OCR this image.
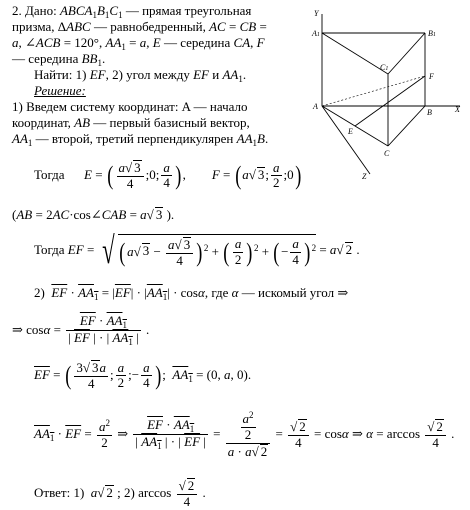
2. Дано: $ABCA_1B_1C_1$ — прямая треугольная
призма, ΔABC — равнобедренный, AC = CB =
a, ∠ACB = 120°, $AA_1 = a$, E — середина CA, F
— середина $BB_1$.
Найти: 1) EF, 2) угол между EF и $AA_1$.
Решение:
1) Введем систему координат: A — начало
координат, AB — первый базисный вектор,
$AA_1$ — второй, третий перпендикулярен $AA_1B$.
Y
A1	B1
C1
F
A
B	X
E
C
Z
Тогда E = ( $\frac{a√ 3}{4}$ ;0; $\frac{a}{4}$ ),        F = (a√ 3; $\frac{a}{2}$ ;0)
(AB = 2AC·cos∠CAB = a√ 3 ).
Тогда EF = √ (a√ $3 - \frac{a√ 3}{4} )^2$ + ( $\frac{a}{2} )^2$ + (− $\frac{a}{4} )^2 = a√$ 2 .
2)  $\overline{EF} \cdot AA_1 = |\overline{EF}| \cdot |AA_1| \cdot \cos\alpha$, где α — искомый угол ⇒
⇒ $\cos\alpha = \frac{\overline{EF} \cdot AA_1}{| \overline{EF} | \cdot | AA_1 |}$ .
$\overline{EF}$ = ( $\frac{3√ 3a}{4}$ ; $\frac{a}{2}$ ;− $\frac{a}{4}$ );  $AA_1 = (0$, a, 0).
$AA_1 \cdot \overline{EF} = \frac{a^2}{2}$ ⇒ $\frac{\overline{EF} \cdot AA_1}{| AA_1 | \cdot | \overline{EF} |} = \frac{\frac{a^2}{2}}{a \cdot a√ 2} = \frac{√ 2}{4} = \cos\alpha$ ⇒ $\alpha = \arccos \frac{√ 2}{4}$ .
Ответ: 1)  a√ 2 ; 2) $\arccos \frac{√ 2}{4}$ .
